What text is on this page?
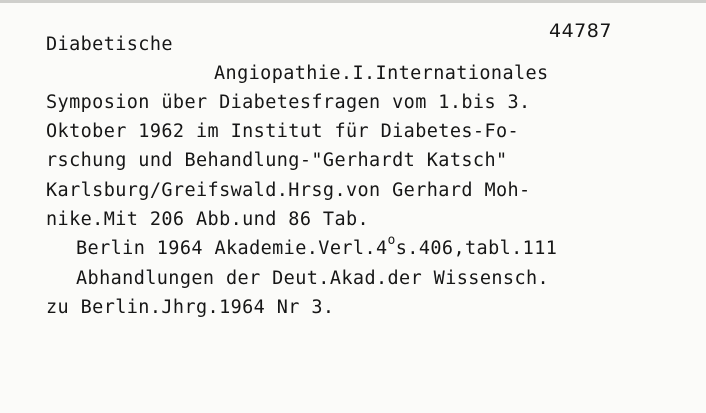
44787
Diabetische
Angiopathie.I.Internationales
Symposion über Diabetesfragen vom 1.bis 3.
Oktober 1962 im Institut für Diabetes-Fo-
rschung und Behandlung-"Gerhardt Katsch"
Karlsburg/Greifswald.Hrsg.von Gerhard Moh-
nike.Mit 206 Abb.und 86 Tab.
Berlin 1964 Akademie.Verl.4$^o$s.406,tabl.111
Abhandlungen der Deut.Akad.der Wissensch.
zu Berlin.Jhrg.1964 Nr 3.
